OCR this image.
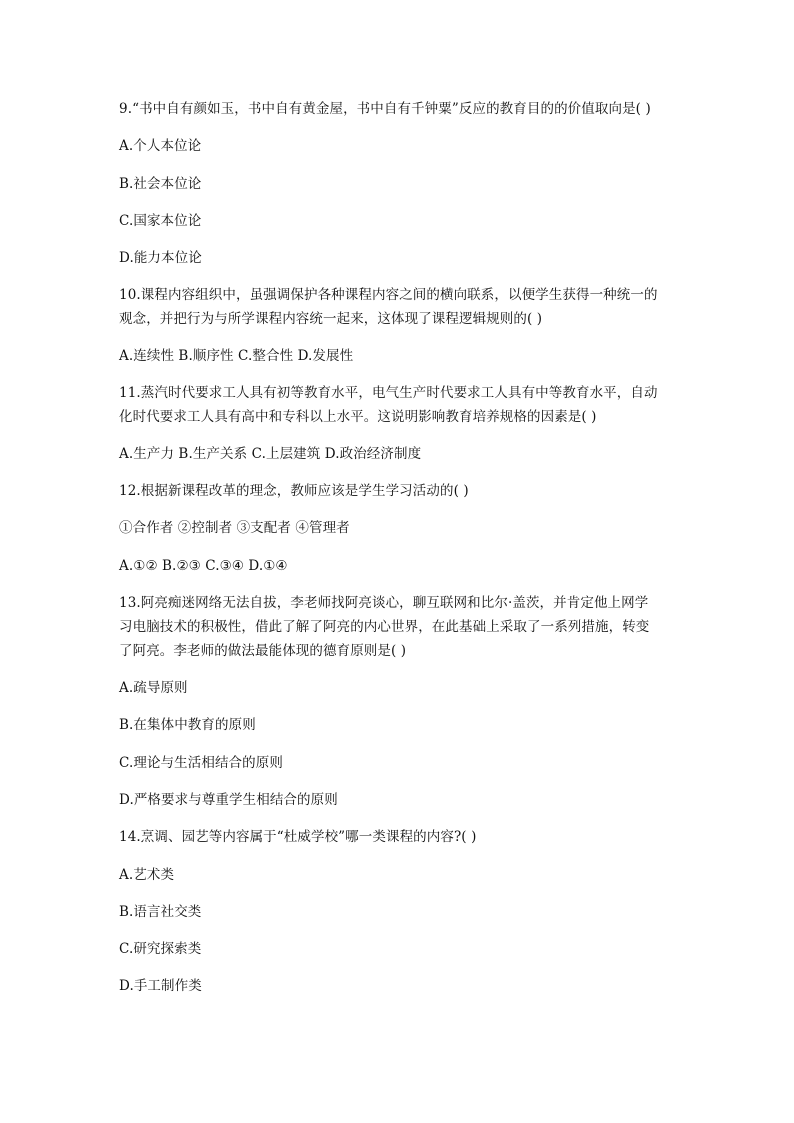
9.“书中自有颜如玉，书中自有黄金屋，书中自有千钟粟”反应的教育目的的价值取向是( )
A.个人本位论
B.社会本位论
C.国家本位论
D.能力本位论
10.课程内容组织中，虽强调保护各种课程内容之间的横向联系，以便学生获得一种统一的
观念，并把行为与所学课程内容统一起来，这体现了课程逻辑规则的( )
A.连续性 B.顺序性 C.整合性 D.发展性
11.蒸汽时代要求工人具有初等教育水平，电气生产时代要求工人具有中等教育水平，自动
化时代要求工人具有高中和专科以上水平。这说明影响教育培养规格的因素是( )
A.生产力 B.生产关系 C.上层建筑 D.政治经济制度
12.根据新课程改革的理念，教师应该是学生学习活动的( )
①合作者 ②控制者 ③支配者 ④管理者
A.①② B.②③ C.③④ D.①④
13.阿亮痴迷网络无法自拔，李老师找阿亮谈心，聊互联网和比尔·盖茨，并肯定他上网学
习电脑技术的积极性，借此了解了阿亮的内心世界，在此基础上采取了一系列措施，转变
了阿亮。李老师的做法最能体现的德育原则是( )
A.疏导原则
B.在集体中教育的原则
C.理论与生活相结合的原则
D.严格要求与尊重学生相结合的原则
14.烹调、园艺等内容属于“杜威学校”哪一类课程的内容?( )
A.艺术类
B.语言社交类
C.研究探索类
D.手工制作类
